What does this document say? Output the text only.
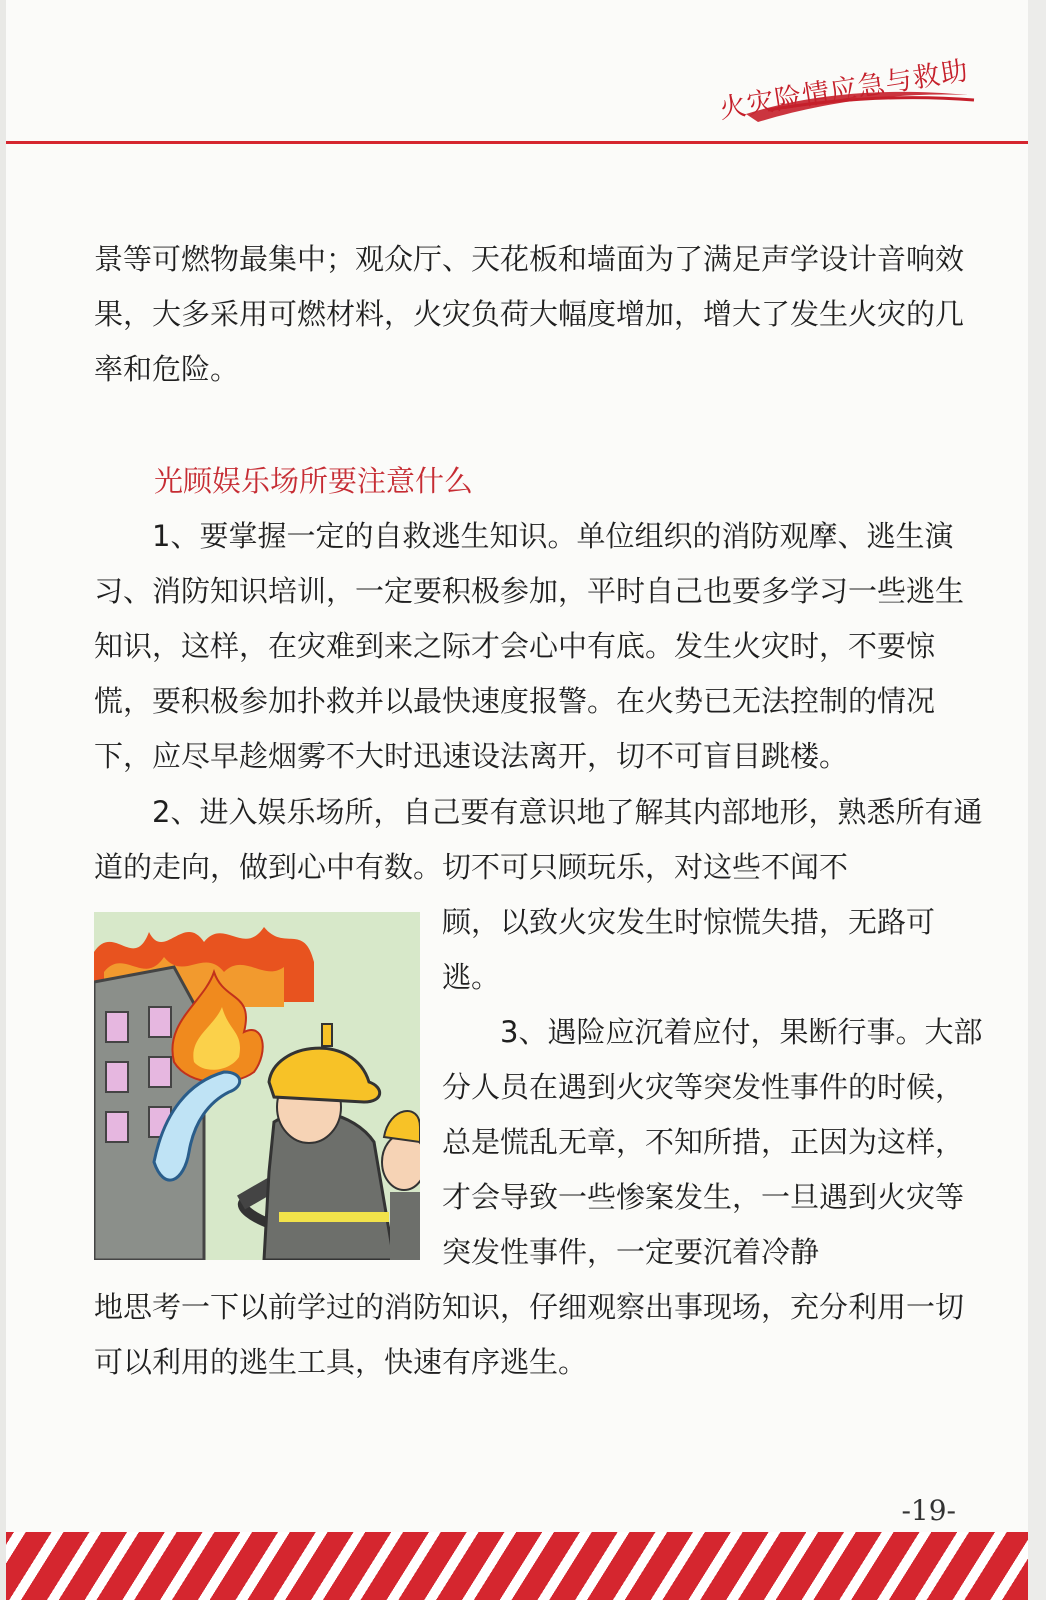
火灾险情应急与救助
景等可燃物最集中；观众厅、天花板和墙面为了满足声学设计音响效果，大多采用可燃材料，火灾负荷大幅度增加，增大了发生火灾的几率和危险。
光顾娱乐场所要注意什么
1、要掌握一定的自救逃生知识。单位组织的消防观摩、逃生演习、消防知识培训，一定要积极参加，平时自己也要多学习一些逃生知识，这样，在灾难到来之际才会心中有底。发生火灾时，不要惊慌，要积极参加扑救并以最快速度报警。在火势已无法控制的情况下，应尽早趁烟雾不大时迅速设法离开，切不可盲目跳楼。
2、进入娱乐场所，自己要有意识地了解其内部地形，熟悉所有通道的走向，做到心中有数。切不可只顾玩乐，对这些不闻不
顾，以致火灾发生时惊慌失措，无路可逃。
3、遇险应沉着应付，果断行事。大部分人员在遇到火灾等突发性事件的时候，总是慌乱无章，不知所措，正因为这样，才会导致一些惨案发生，一旦遇到火灾等突发性事件，一定要沉着冷静
地思考一下以前学过的消防知识，仔细观察出事现场，充分利用一切可以利用的逃生工具，快速有序逃生。
-19-
